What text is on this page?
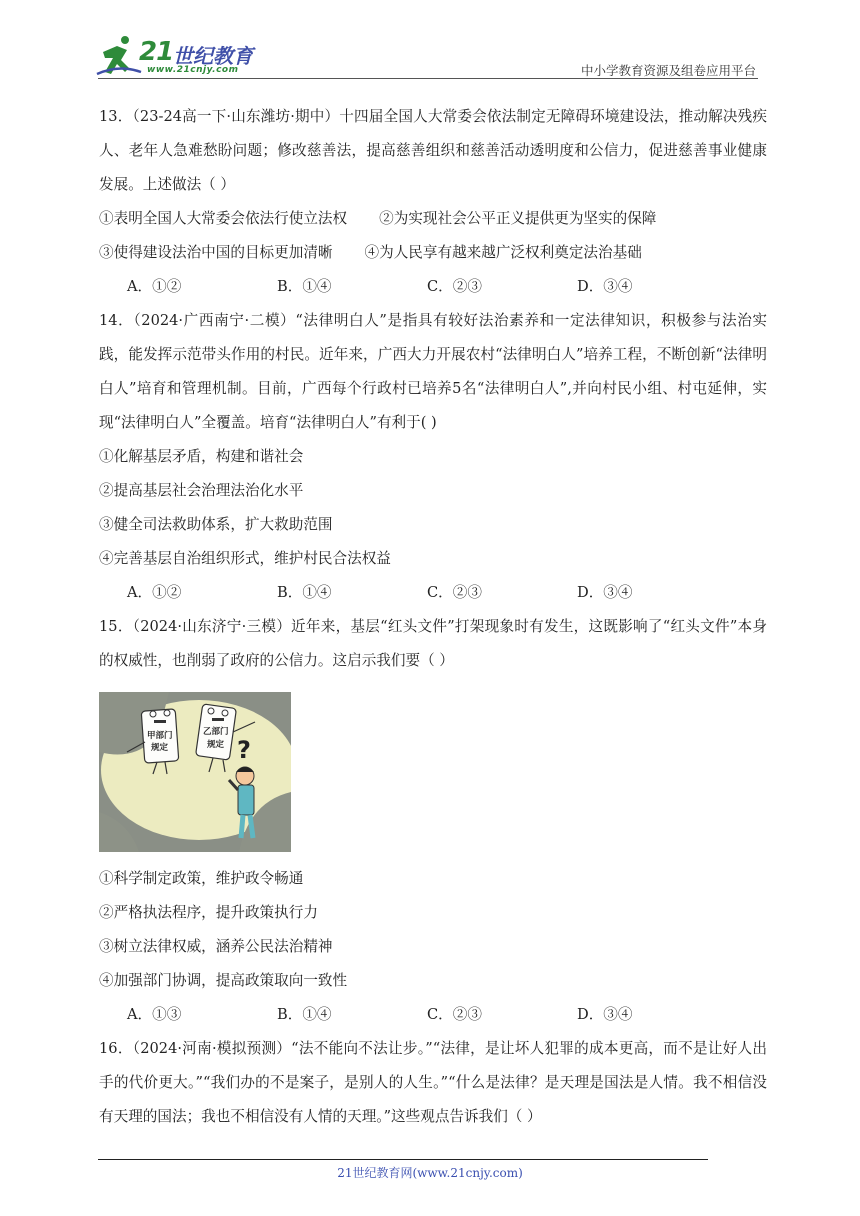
21 世纪教育
www.21cnjy.com	中小学教育资源及组卷应用平台

13．（23-24高一下·山东潍坊·期中）十四届全国人大常委会依法制定无障碍环境建设法，推动解决残疾人、老年人急难愁盼问题；修改慈善法，提高慈善组织和慈善活动透明度和公信力，促进慈善事业健康发展。上述做法（ ）

①表明全国人大常委会依法行使立法权 ②为实现社会公平正义提供更为坚实的保障

③使得建设法治中国的目标更加清晰 ④为人民享有越来越广泛权利奠定法治基础

A．①②	B．①④	C．②③	D．③④

14．（2024·广西南宁·二模）“法律明白人”是指具有较好法治素养和一定法律知识，积极参与法治实践，能发挥示范带头作用的村民。近年来，广西大力开展农村“法律明白人”培养工程，不断创新“法律明白人”培育和管理机制。目前，广西每个行政村已培养5名“法律明白人”,并向村民小组、村屯延伸，实现“法律明白人”全覆盖。培育“法律明白人”有利于( )

①化解基层矛盾，构建和谐社会

②提高基层社会治理法治化水平

③健全司法救助体系，扩大救助范围

④完善基层自治组织形式，维护村民合法权益

A．①②	B．①④	C．②③	D．③④

15．（2024·山东济宁·三模）近年来，基层“红头文件”打架现象时有发生，这既影响了“红头文件”本身的权威性，也削弱了政府的公信力。这启示我们要（ ）

甲部门
规定
乙部门
规定 ?

①科学制定政策，维护政令畅通

②严格执法程序，提升政策执行力

③树立法律权威，涵养公民法治精神

④加强部门协调，提高政策取向一致性

A．①③	B．①④	C．②③	D．③④

16．（2024·河南·模拟预测）“法不能向不法让步。”“法律，是让坏人犯罪的成本更高，而不是让好人出手的代价更大。”“我们办的不是案子，是别人的人生。”“什么是法律？是天理是国法是人情。我不相信没有天理的国法；我也不相信没有人情的天理。”这些观点告诉我们（ ）

21世纪教育网(www.21cnjy.com)
